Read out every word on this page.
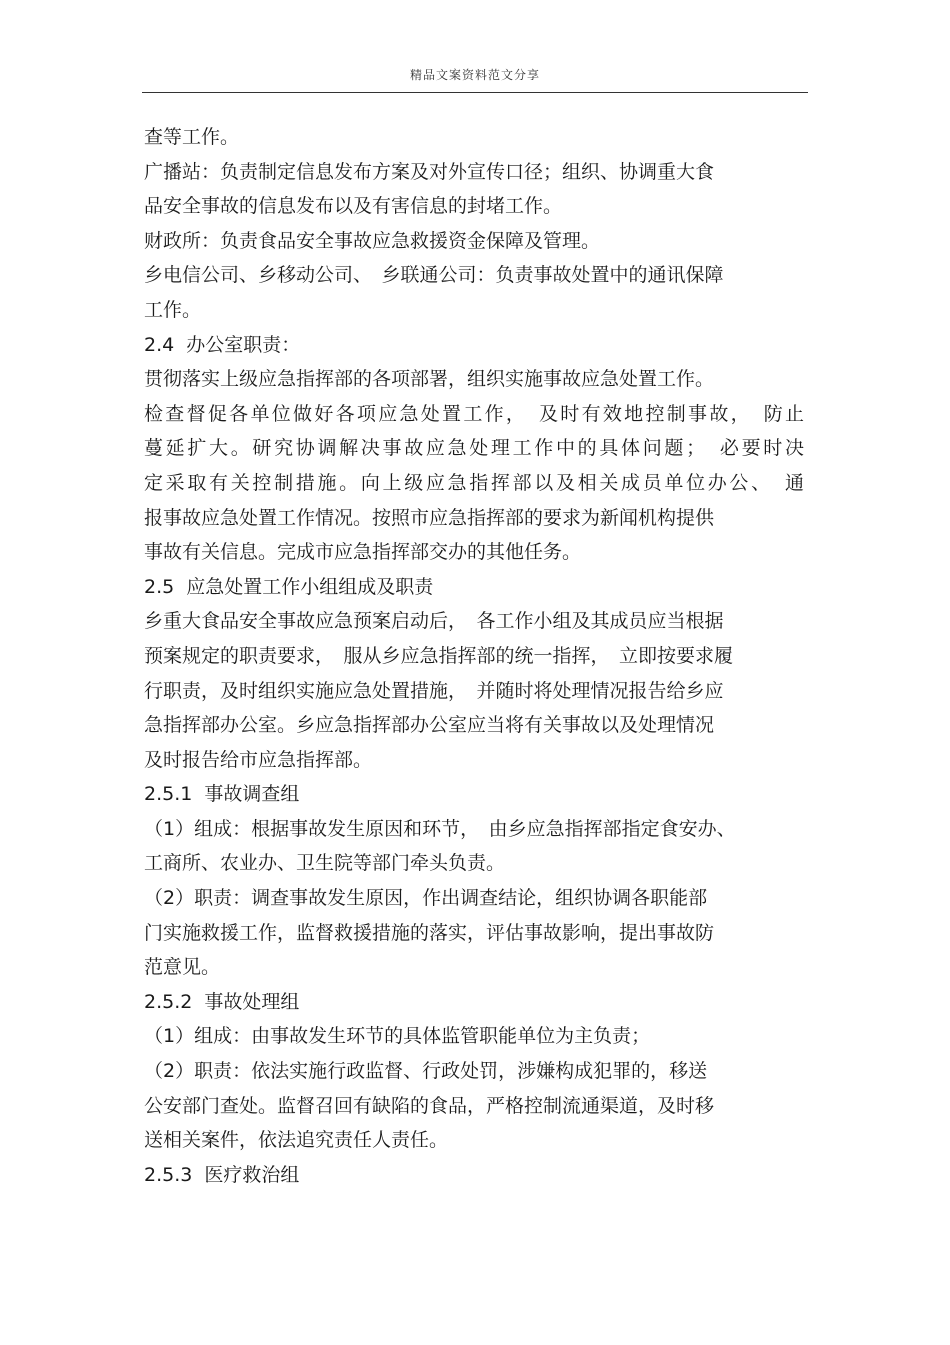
精品文案资料范文分享
查等工作。
广播站：负责制定信息发布方案及对外宣传口径；组织、协调重大食
品安全事故的信息发布以及有害信息的封堵工作。
财政所：负责食品安全事故应急救援资金保障及管理。
乡电信公司、乡移动公司、　乡联通公司：负责事故处置中的通讯保障
工作。
2.4  办公室职责：
贯彻落实上级应急指挥部的各项部署，组织实施事故应急处置工作。
检查督促各单位做好各项应急处置工作，　及时有效地控制事故，　防止
蔓延扩大。研究协调解决事故应急处理工作中的具体问题；　必要时决
定采取有关控制措施。向上级应急指挥部以及相关成员单位办公、　通
报事故应急处置工作情况。按照市应急指挥部的要求为新闻机构提供
事故有关信息。完成市应急指挥部交办的其他任务。
2.5  应急处置工作小组组成及职责
乡重大食品安全事故应急预案启动后，　各工作小组及其成员应当根据
预案规定的职责要求，　服从乡应急指挥部的统一指挥，　立即按要求履
行职责，及时组织实施应急处置措施，　并随时将处理情况报告给乡应
急指挥部办公室。乡应急指挥部办公室应当将有关事故以及处理情况
及时报告给市应急指挥部。
2.5.1  事故调查组
（1）组成：根据事故发生原因和环节，　由乡应急指挥部指定食安办、
工商所、农业办、卫生院等部门牵头负责。
（2）职责：调查事故发生原因，作出调查结论，组织协调各职能部
门实施救援工作，监督救援措施的落实，评估事故影响，提出事故防
范意见。
2.5.2  事故处理组
（1）组成：由事故发生环节的具体监管职能单位为主负责；
（2）职责：依法实施行政监督、行政处罚，涉嫌构成犯罪的，移送
公安部门查处。监督召回有缺陷的食品，严格控制流通渠道，及时移
送相关案件，依法追究责任人责任。
2.5.3  医疗救治组
